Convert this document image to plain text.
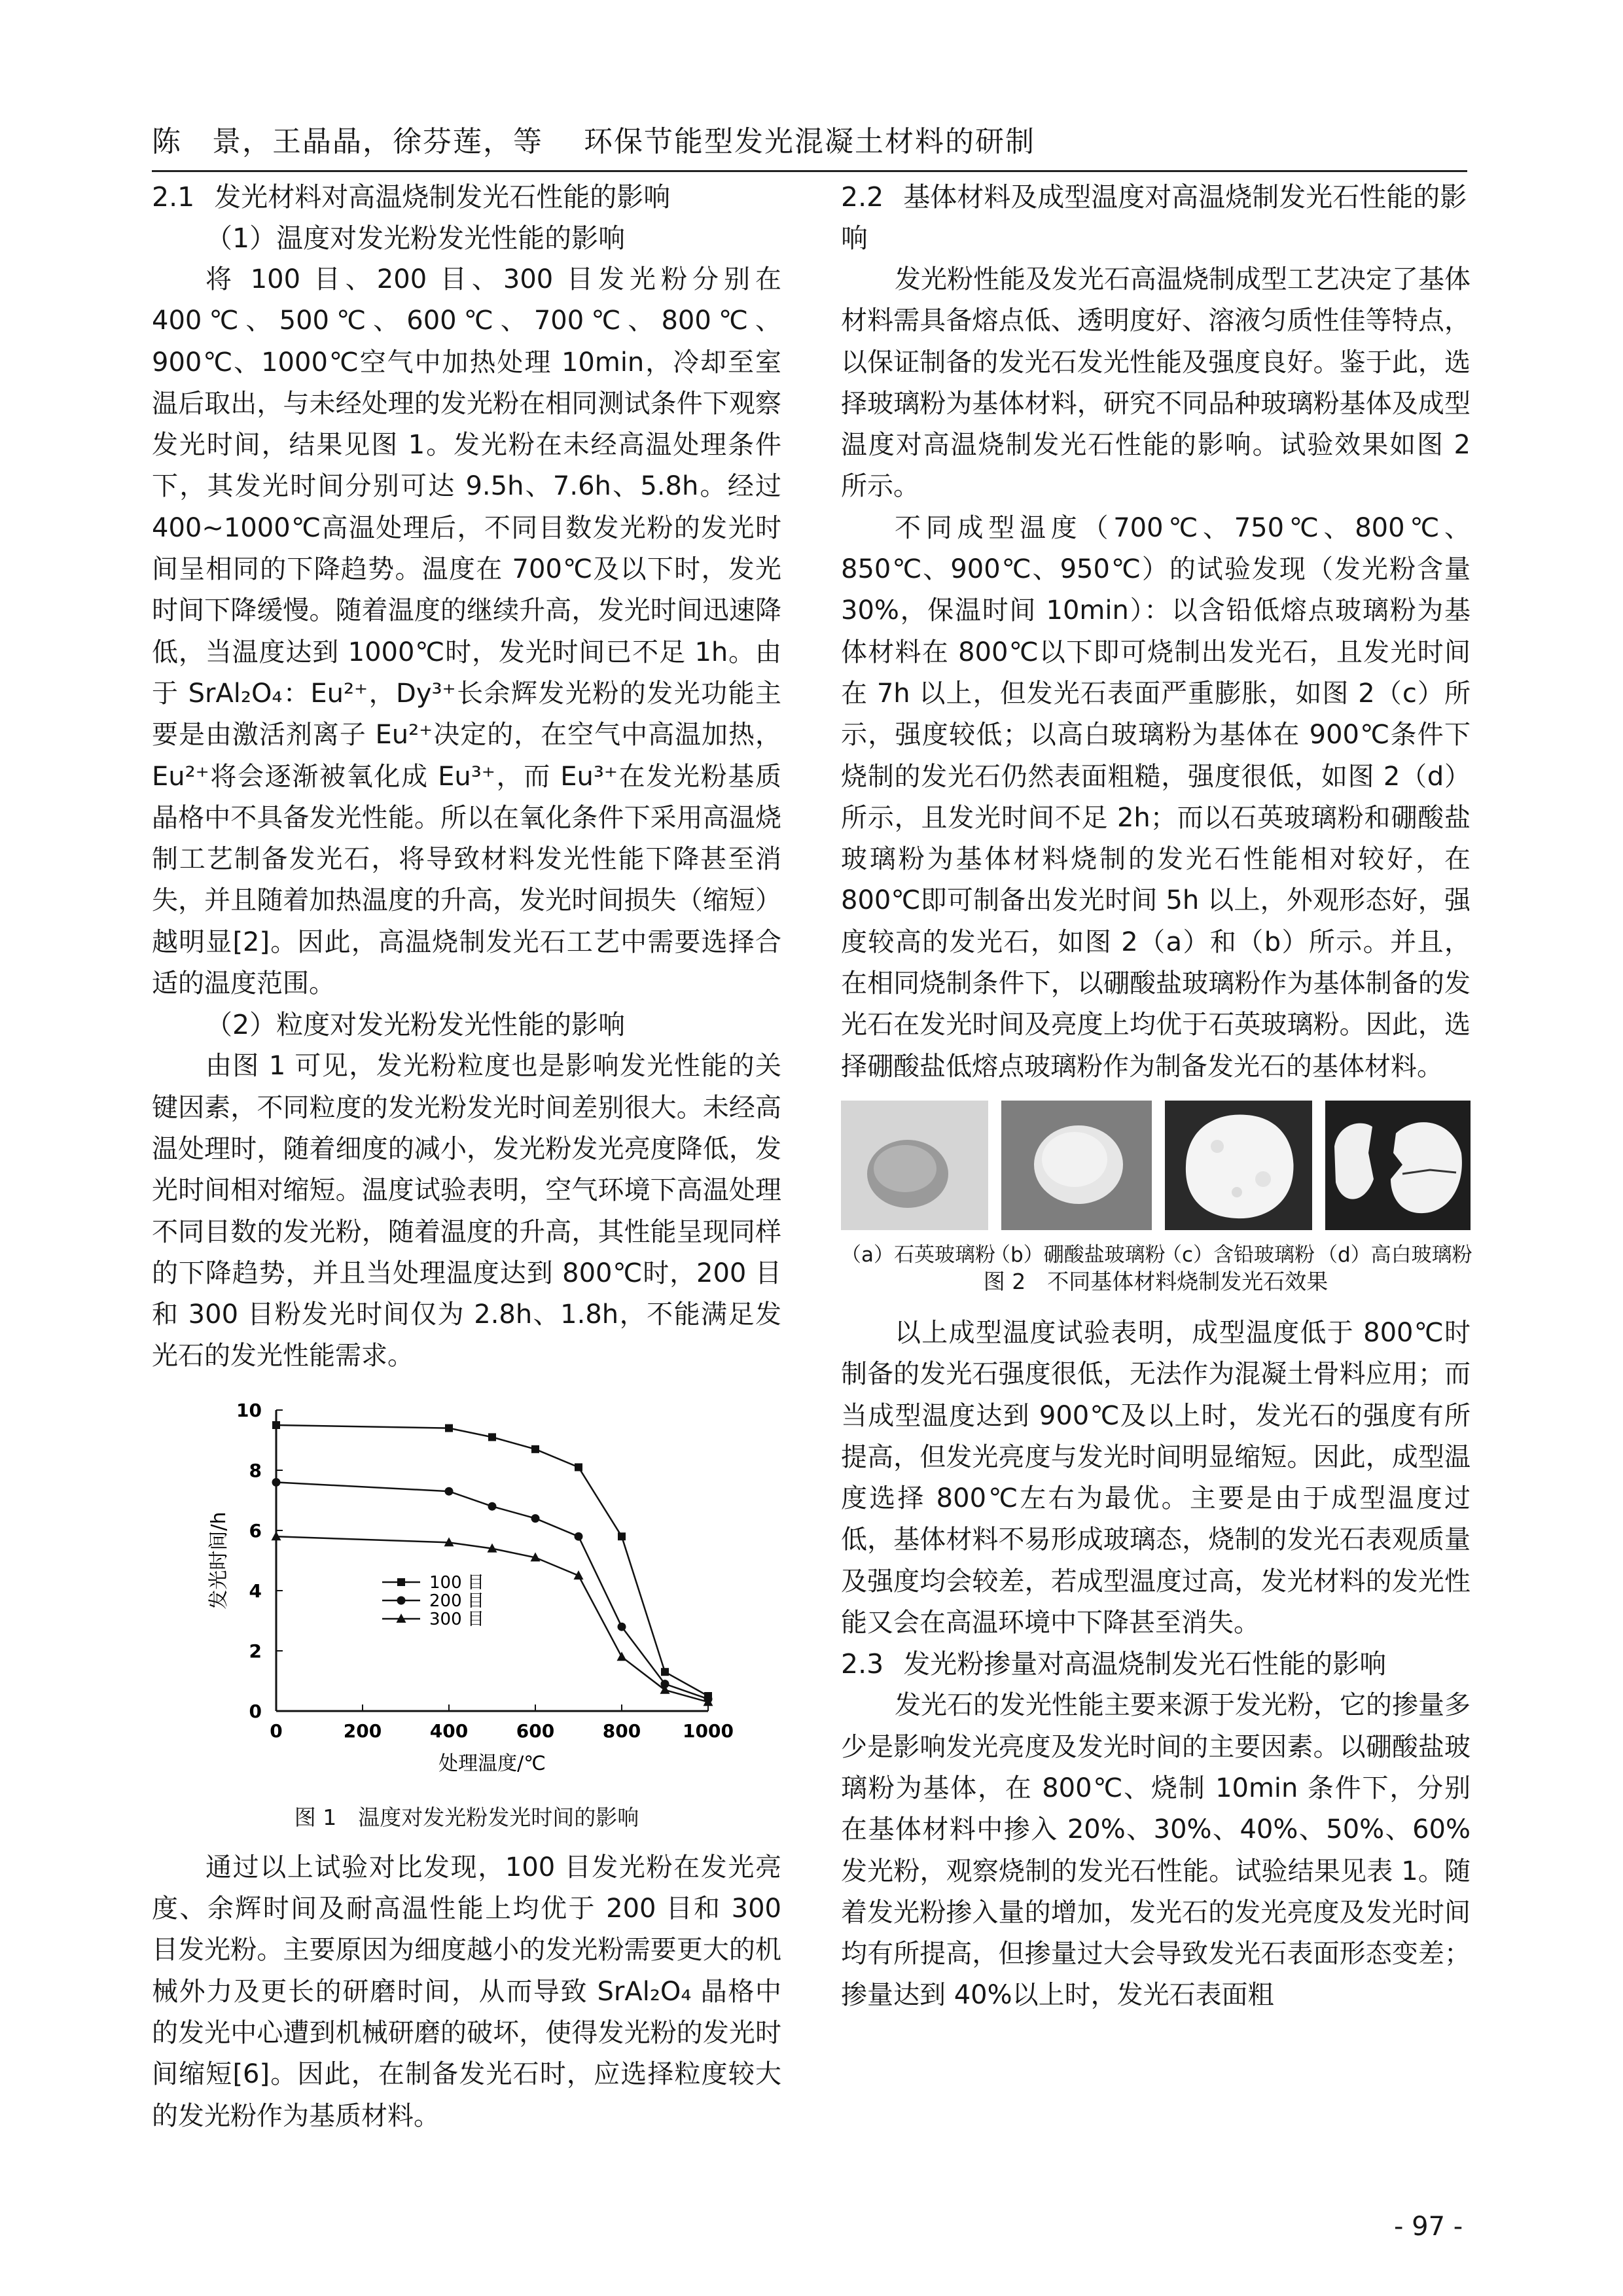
陈　景，王晶晶，徐芬莲，等 环保节能型发光混凝土材料的研制
2.1 发光材料对高温烧制发光石性能的影响
（1）温度对发光粉发光性能的影响

将 100 目、200 目、300 目发光粉分别在 400℃、500℃、600℃、700℃、800℃、900℃、1000℃空气中加热处理 10min，冷却至室温后取出，与未经处理的发光粉在相同测试条件下观察发光时间，结果见图 1。发光粉在未经高温处理条件下，其发光时间分别可达 9.5h、7.6h、5.8h。经过 400~1000℃高温处理后，不同目数发光粉的发光时间呈相同的下降趋势。温度在 700℃及以下时，发光时间下降缓慢。随着温度的继续升高，发光时间迅速降低，当温度达到 1000℃时，发光时间已不足 1h。由于 SrAl₂O₄：Eu²⁺，Dy³⁺长余辉发光粉的发光功能主要是由激活剂离子 Eu²⁺决定的，在空气中高温加热，Eu²⁺将会逐渐被氧化成 Eu³⁺，而 Eu³⁺在发光粉基质晶格中不具备发光性能。所以在氧化条件下采用高温烧制工艺制备发光石，将导致材料发光性能下降甚至消失，并且随着加热温度的升高，发光时间损失（缩短）越明显[2]。因此，高温烧制发光石工艺中需要选择合适的温度范围。

（2）粒度对发光粉发光性能的影响

由图 1 可见，发光粉粒度也是影响发光性能的关键因素，不同粒度的发光粉发光时间差别很大。未经高温处理时，随着细度的减小，发光粉发光亮度降低，发光时间相对缩短。温度试验表明，空气环境下高温处理不同目数的发光粉，随着温度的升高，其性能呈现同样的下降趋势，并且当处理温度达到 800℃时，200 目和 300 目粉发光时间仅为 2.8h、1.8h，不能满足发光石的发光性能需求。

0	200	400	600	800 1000
0
2
4
6
8
10
处理温度/℃
发光时间/h	100 目
200 目
300 目
图 1　温度对发光粉发光时间的影响

通过以上试验对比发现，100 目发光粉在发光亮度、余辉时间及耐高温性能上均优于 200 目和 300 目发光粉。主要原因为细度越小的发光粉需要更大的机械外力及更长的研磨时间，从而导致 SrAl₂O₄ 晶格中的发光中心遭到机械研磨的破坏，使得发光粉的发光时间缩短[6]。因此，在制备发光石时，应选择粒度较大的发光粉作为基质材料。

2.2 基体材料及成型温度对高温烧制发光石性能的影响

发光粉性能及发光石高温烧制成型工艺决定了基体材料需具备熔点低、透明度好、溶液匀质性佳等特点，以保证制备的发光石发光性能及强度良好。鉴于此，选择玻璃粉为基体材料，研究不同品种玻璃粉基体及成型温度对高温烧制发光石性能的影响。试验效果如图 2 所示。

不同成型温度（700℃、750℃、800℃、850℃、900℃、950℃）的试验发现（发光粉含量 30%，保温时间 10min）：以含铅低熔点玻璃粉为基体材料在 800℃以下即可烧制出发光石，且发光时间在 7h 以上，但发光石表面严重膨胀，如图 2（c）所示，强度较低；以高白玻璃粉为基体在 900℃条件下烧制的发光石仍然表面粗糙，强度很低，如图 2（d）所示，且发光时间不足 2h；而以石英玻璃粉和硼酸盐玻璃粉为基体材料烧制的发光石性能相对较好，在 800℃即可制备出发光时间 5h 以上，外观形态好，强度较高的发光石，如图 2（a）和（b）所示。并且，在相同烧制条件下，以硼酸盐玻璃粉作为基体制备的发光石在发光时间及亮度上均优于石英玻璃粉。因此，选择硼酸盐低熔点玻璃粉作为制备发光石的基体材料。

（a）石英玻璃粉
（b）硼酸盐玻璃粉
（c）含铅玻璃粉 （d）高白玻璃粉
图 2　不同基体材料烧制发光石效果

以上成型温度试验表明，成型温度低于 800℃时制备的发光石强度很低，无法作为混凝土骨料应用；而当成型温度达到 900℃及以上时，发光石的强度有所提高，但发光亮度与发光时间明显缩短。因此，成型温度选择 800℃左右为最优。主要是由于成型温度过低，基体材料不易形成玻璃态，烧制的发光石表观质量及强度均会较差，若成型温度过高，发光材料的发光性能又会在高温环境中下降甚至消失。

2.3 发光粉掺量对高温烧制发光石性能的影响

发光石的发光性能主要来源于发光粉，它的掺量多少是影响发光亮度及发光时间的主要因素。以硼酸盐玻璃粉为基体，在 800℃、烧制 10min 条件下，分别在基体材料中掺入 20%、30%、40%、50%、60%发光粉，观察烧制的发光石性能。试验结果见表 1。随着发光粉掺入量的增加，发光石的发光亮度及发光时间均有所提高，但掺量过大会导致发光石表面形态变差；掺量达到 40%以上时，发光石表面粗

- 97 -
